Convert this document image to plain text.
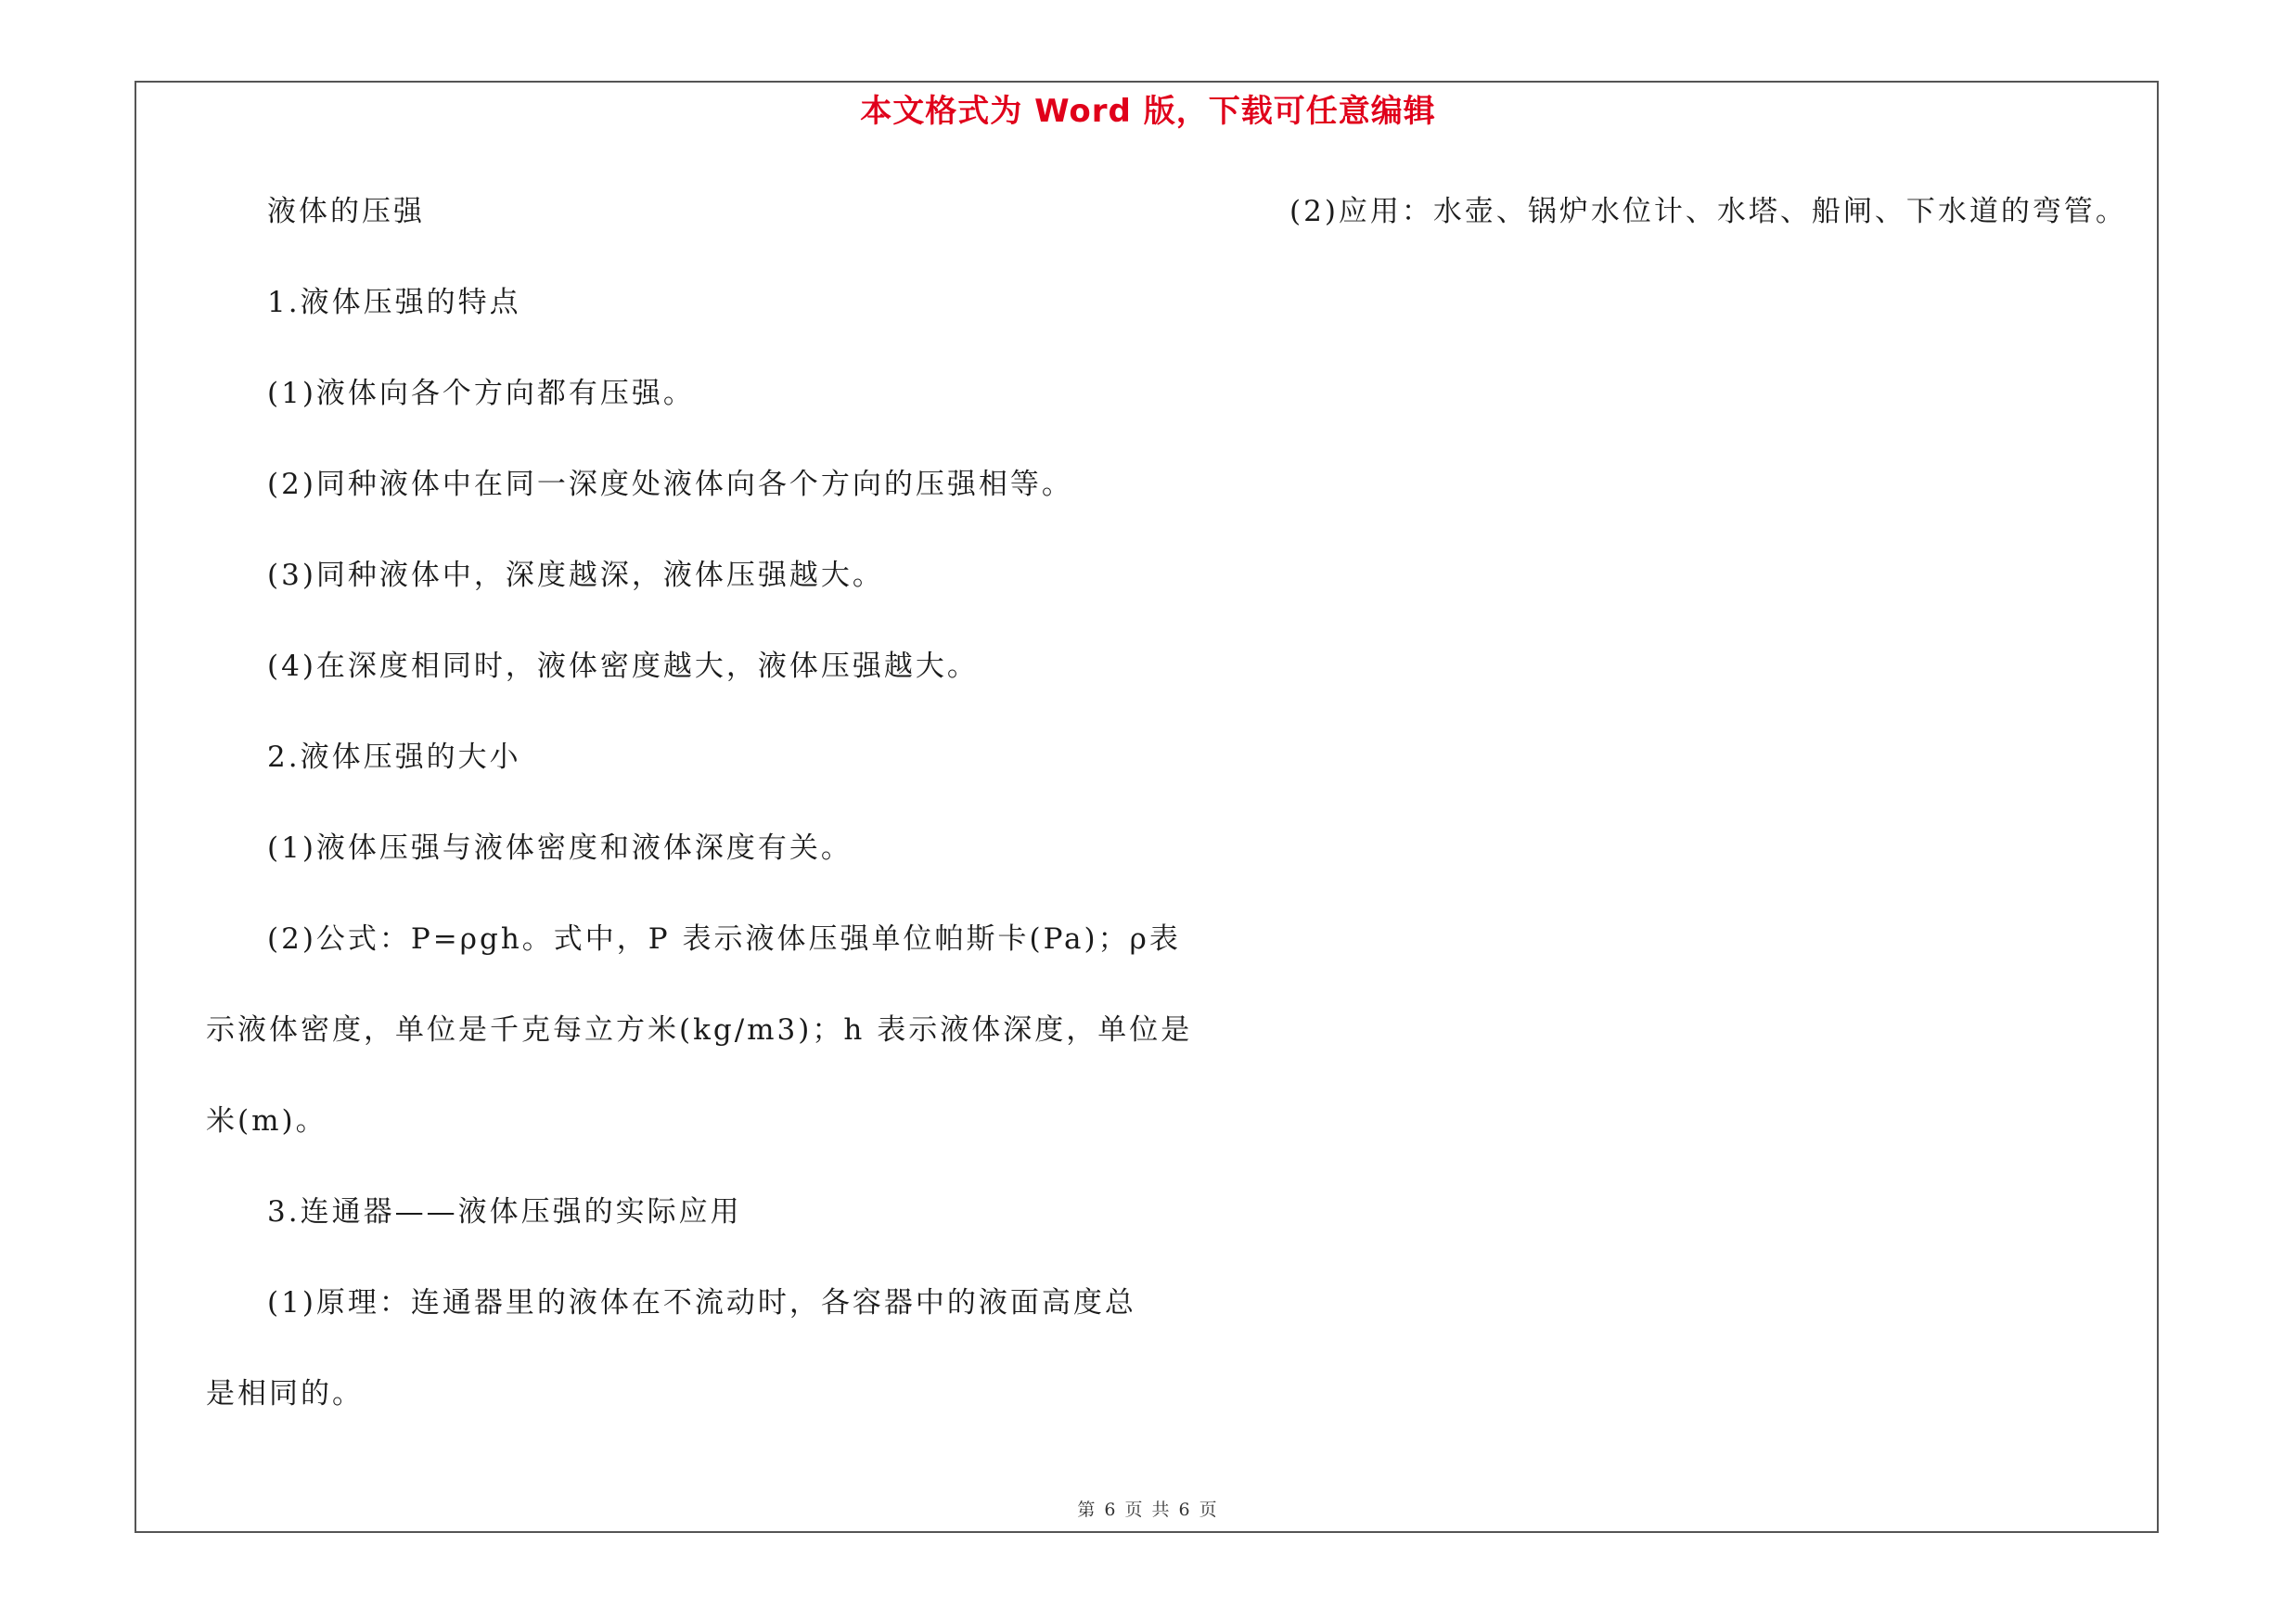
本文格式为 Word 版，下载可任意编辑
液体的压强
1.液体压强的特点
(1)液体向各个方向都有压强。
(2)同种液体中在同一深度处液体向各个方向的压强相等。
(3)同种液体中，深度越深，液体压强越大。
(4)在深度相同时，液体密度越大，液体压强越大。
2.液体压强的大小
(1)液体压强与液体密度和液体深度有关。
(2)公式：P=ρgh。式中，P 表示液体压强单位帕斯卡(Pa)；ρ表
示液体密度，单位是千克每立方米(kg/m3)；h 表示液体深度，单位是
米(m)。
3.连通器——液体压强的实际应用
(1)原理：连通器里的液体在不流动时，各容器中的液面高度总
是相同的。
(2)应用：水壶、锅炉水位计、水塔、船闸、下水道的弯管。
第 6 页 共 6 页
